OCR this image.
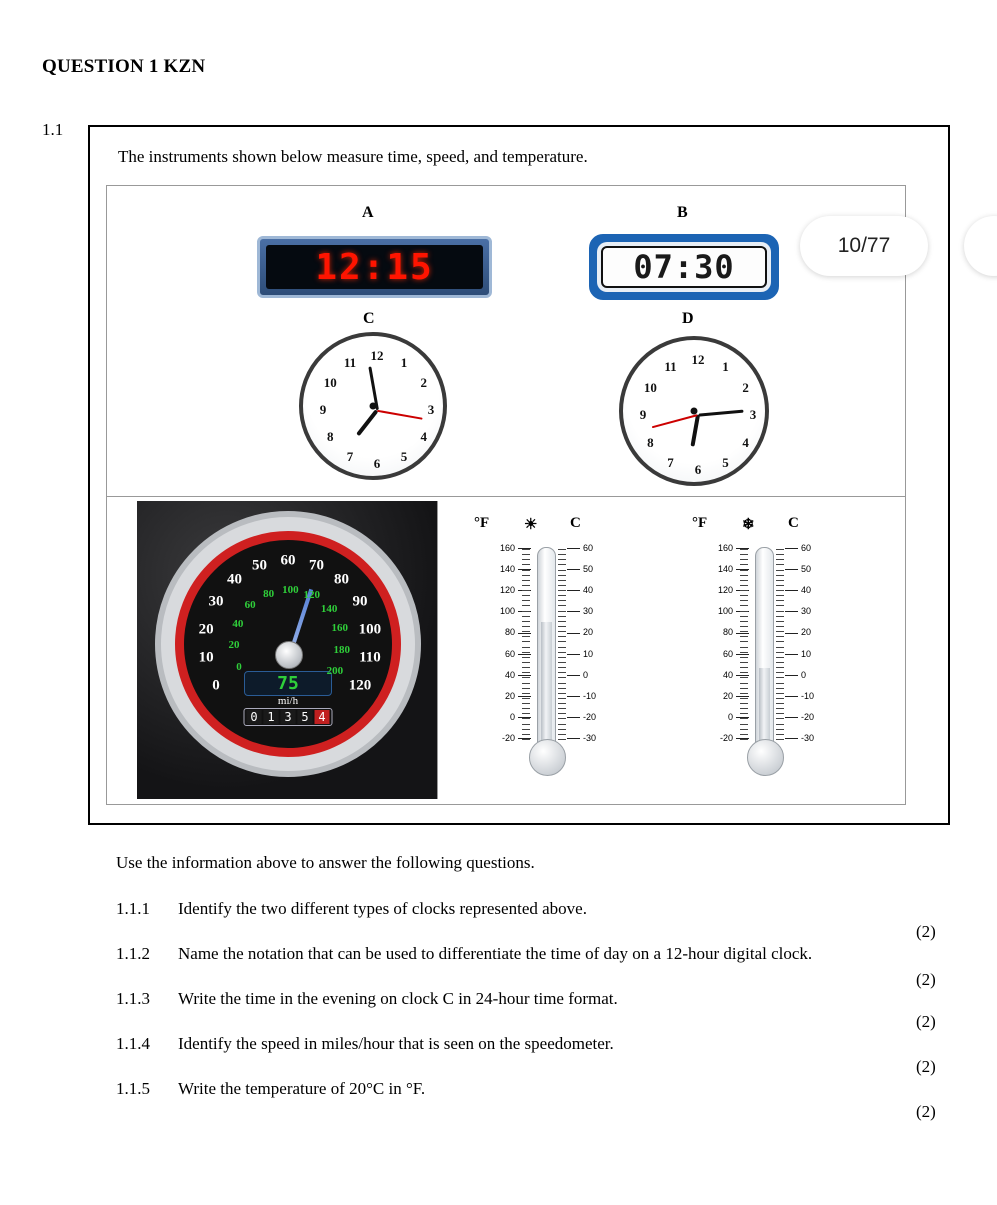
QUESTION 1 KZN
1.1
The instruments shown below measure time, speed, and temperature.
A
12:15
B
07:30
C
12 1
2
3
4
5
6
7
8
9
10
11
D
12 1
2
3
4
5
6
7
8
9
10
11
75
mi/h
0 1 3 5 4
0
10
20
30
40
50 60 70
80
90
100
110
120
0
20
40
60
80 100 120
140
160
180
200
°F ☀ C
160
140
120
100
80
60
40
20
0
-20
60
50
40
30
20
10
0
-10
-20
-30
°F ❄ C
160
140
120
100
80
60
40
20
0
-20
60
50
40
30
20
10
0
-10
-20
-30
10/77
Use the information above to answer the following questions.
1.1.1	Identify the two different types of clocks represented above.
(2)
1.1.2	Name the notation that can be used to differentiate the time of day on a 12-hour digital clock.
(2)
1.1.3	Write the time in the evening on clock C in 24-hour time format.
(2)
1.1.4	Identify the speed in miles/hour that is seen on the speedometer.
(2)
1.1.5	Write the temperature of 20°C in °F.
(2)
